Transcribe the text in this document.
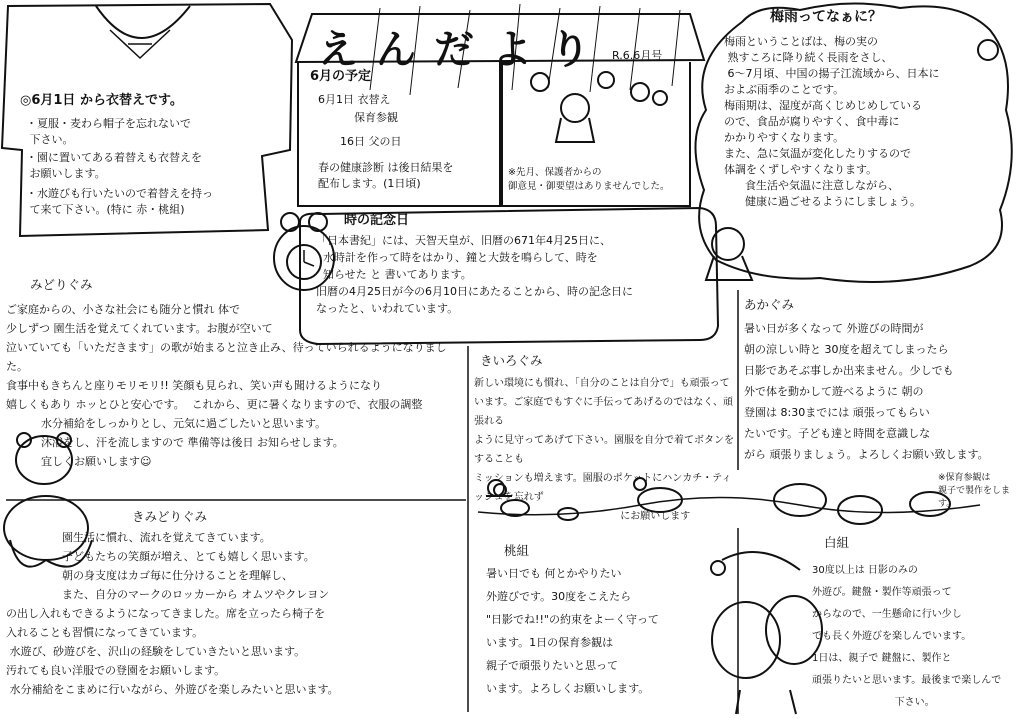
えんだより R.6.6月号
◎6月1日 から衣替えです。
・夏服・麦わら帽子を忘れないで
下さい。
・園に置いてある着替えも衣替えを
お願いします。
・水遊びも行いたいので着替えを持っ
て来て下さい。(特に 赤・桃組)
6月の予定
6月1日 衣替え
保育参観
16日 父の日
春の健康診断 は後日結果を
配布します。(1日頃)
※先月、保護者からの
御意見・御要望はありませんでした。
梅雨ってなぁに？
梅雨ということばは、梅の実の
熟すころに降り続く長雨をさし、
6～7月頃、中国の揚子江流域から、日本に
およぶ雨季のことです。
梅雨期は、湿度が高くじめじめしている
ので、食品が腐りやすく、食中毒に
かかりやすくなります。
また、急に気温が変化したりするので
体調をくずしやすくなります。
食生活や気温に注意しながら、
健康に過ごせるようにしましょう。
時の記念日
「日本書紀」には、天智天皇が、旧暦の671年4月25日に、
水時計を作って時をはかり、鐘と大鼓を鳴らして、時を
知らせた と 書いてあります。
旧暦の4月25日が今の6月10日にあたることから、時の記念日に
なったと、いわれています。
みどりぐみ
ご家庭からの、小さな社会にも随分と慣れ 体で
少しずつ 園生活を覚えてくれています。お腹が空いて
泣いていても「いただきます」の歌が始まると泣き止み、待っていられるようになりました。
食事中もきちんと座りモリモリ!! 笑顔も見られ、笑い声も聞けるようになり
嬉しくもあり ホッとひと安心です。  これから、更に暑くなりますので、衣服の調整
水分補給をしっかりとし、元気に過ごしたいと思います。
沐浴をし、汗を流しますので 準備等は後日 お知らせします。
宜しくお願いします☺
きみどりぐみ
園生活に慣れ、流れを覚えてきています。
子どもたちの笑顔が増え、とても嬉しく思います。
朝の身支度はカゴ毎に仕分けることを理解し、
また、自分のマークのロッカーから オムツやクレヨン
の出し入れもできるようになってきました。席を立ったら椅子を
入れることも習慣になってきています。
水遊び、砂遊びを、沢山の経験をしていきたいと思います。
汚れても良い洋服での登園をお願いします。
水分補給をこまめに行いながら、外遊びを楽しみたいと思います。
きいろぐみ
新しい環境にも慣れ、「自分のことは自分で」も頑張って
います。ご家庭でもすぐに手伝ってあげるのではなく、頑張れる
ように見守ってあげて下さい。園服を自分で着てボタンをすることも
ミッションも増えます。園服のポケットにハンカチ・ティッシュを忘れず
にお願いします
あかぐみ
暑い日が多くなって 外遊びの時間が
朝の涼しい時と 30度を超えてしまったら
日影であそぶ事しか出来ません。少しでも
外で体を動かして遊べるように 朝の
登園は 8:30までには 頑張ってもらい
たいです。子ども達と時間を意識しな
がら 頑張りましょう。よろしくお願い致します。
※保育参観は
親子で製作をします。
桃組
暑い日でも 何とかやりたい
外遊びです。30度をこえたら
"日影でね!!"の約束をよーく守って
います。1日の保育参観は
親子で頑張りたいと思って
います。よろしくお願いします。
白組
30度以上は 日影のみの
外遊び。鍵盤・製作等頑張って
からなので、一生懸命に行い少し
でも長く外遊びを楽しんでいます。
1日は、親子で 鍵盤に、製作と
頑張りたいと思います。最後まで楽しんで
下さい。
